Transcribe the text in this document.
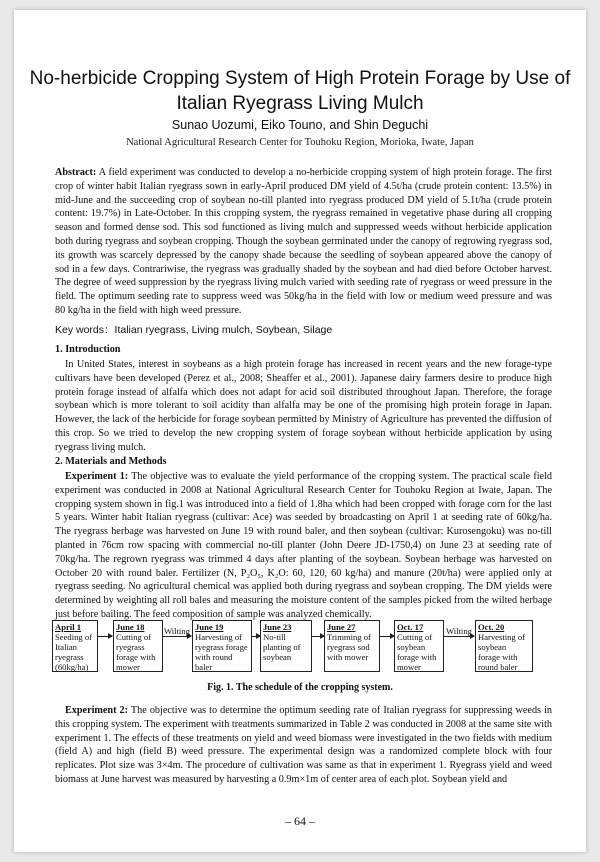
No-herbicide Cropping System of High Protein Forage by Use of
Italian Ryegrass Living Mulch
Sunao Uozumi, Eiko Touno, and Shin Deguchi
National Agricultural Research Center for Touhoku Region, Morioka, Iwate, Japan
Abstract: A field experiment was conducted to develop a no-herbicide cropping system of high protein forage. The first crop of winter habit Italian ryegrass sown in early-April produced DM yield of 4.5t/ha (crude protein content: 13.5%) in mid-June and the succeeding crop of soybean no-till planted into ryegrass produced DM yield of 5.1t/ha (crude protein content: 19.7%) in Late-October. In this cropping system, the ryegrass remained in vegetative phase during all cropping season and formed dense sod. This sod functioned as living mulch and suppressed weeds without herbicide application both during ryegrass and soybean cropping. Though the soybean germinated under the canopy of regrowing ryegrass sod, its growth was scarcely depressed by the canopy shade because the seedling of soybean appeared above the canopy of sod in a few days. Contrariwise, the ryegrass was gradually shaded by the soybean and had died before October harvest. The degree of weed suppression by the ryegrass living mulch varied with seeding rate of ryegrass or weed pressure in the field. The optimum seeding rate to suppress weed was 50kg/ha in the field with low or medium weed pressure and was 80 kg/ha in the field with high weed pressure.
Key words：Italian ryegrass, Living mulch, Soybean, Silage
1. Introduction
In United States, interest in soybeans as a high protein forage has increased in recent years and the new forage-type cultivars have been developed (Perez et al., 2008; Sheaffer et al., 2001). Japanese dairy farmers desire to produce high protein forage instead of alfalfa which does not adapt for acid soil distributed throughout Japan. Therefore, the forage soybean which is more tolerant to soil acidity than alfalfa may be one of the promising high protein forage in Japan. However, the lack of the herbicide for forage soybean permitted by Ministry of Agriculture has prevented the diffusion of this crop. So we tried to develop the new cropping system of forage soybean without herbicide application by using ryegrass living mulch.
2. Materials and Methods
Experiment 1: The objective was to evaluate the yield performance of the cropping system. The practical scale field experiment was conducted in 2008 at National Agricultural Research Center for Touhoku Region at Iwate, Japan. The cropping system shown in fig.1 was introduced into a field of 1.8ha which had been cropped with forage corn for the last 5 years. Winter habit Italian ryegrass (cultivar: Ace) was seeded by broadcasting on April 1 at seeding rate of 60kg/ha. The ryegrass herbage was harvested on June 19 with round baler, and then soybean (cultivar: Kurosengoku) was no-till planted in 76cm row spacing with commercial no-till planter (John Deere JD-1750,4) on June 23 at seeding rate of 70kg/ha. The regrown ryegrass was trimmed 4 days after planting of the soybean. Soybean herbage was harvested on October 20 with round baler. Fertilizer (N, P₂O₅, K₂O: 60, 120, 60 kg/ha) and manure (20t/ha) were applied only at ryegrass seeding. No agricultural chemical was applied both during ryegrass and soybean cropping. The DM yields were determined by weighting all roll bales and measuring the moisture content of the samples picked from the wilted herbage just before bailing. The feed composition of sample was analyzed chemically.
April 1
Seeding of Italian ryegrass (60kg/ha)
June 18
Cutting of ryegrass forage with mower
Wilting June 19
Harvesting of ryegrass forage with round baler
June 23
No-till planting of soybean
June 27
Trimming of ryegrass sod with mower
Oct. 17
Cutting of soybean forage with mower
Wilting Oct. 20
Harvesting of soybean forage with round baler
Fig. 1. The schedule of the cropping system.
Experiment 2: The objective was to determine the optimum seeding rate of Italian ryegrass for suppressing weeds in this cropping system. The experiment with treatments summarized in Table 2 was conducted in 2008 at the same site with experiment 1. The effects of these treatments on yield and weed biomass were investigated in the two fields with medium (field A) and high (field B) weed pressure. The experimental design was a randomized complete block with four replicates. Plot size was 3×4m. The procedure of cultivation was same as that in experiment 1. Ryegrass yield and weed biomass at June harvest was measured by harvesting a 0.9m×1m of center area of each plot. Soybean yield and
– 64 –
